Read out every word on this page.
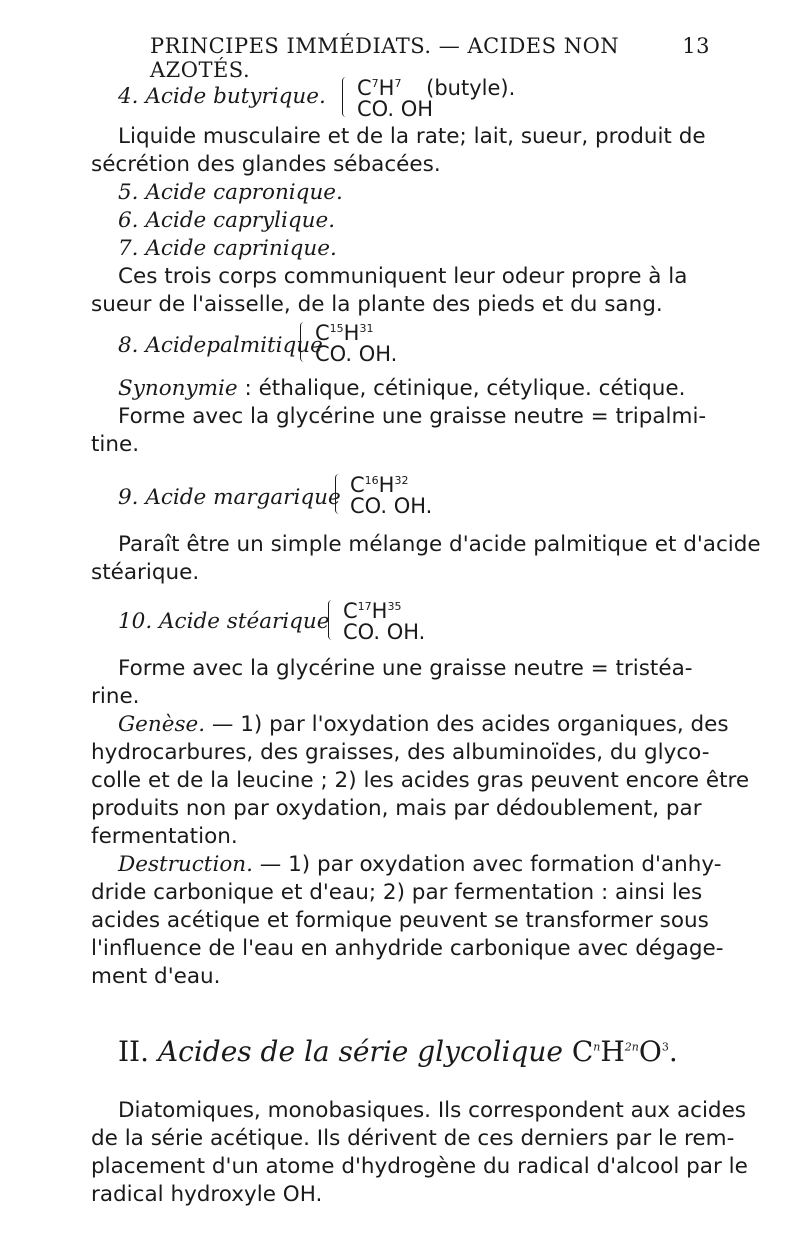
PRINCIPES IMMÉDIATS. — ACIDES NON AZOTÉS.
13
4. Acide butyrique. $C^7H^7$ (butyle).
CO. OH
Liquide musculaire et de la rate; lait, sueur, produit de
sécrétion des glandes sébacées.
5. Acide capronique.
6. Acide caprylique.
7. Acide caprinique.
Ces trois corps communiquent leur odeur propre à la
sueur de l'aisselle, de la plante des pieds et du sang.
8. Acidepalmitique
$C^{15}H^{31}$
CO. OH.
Synonymie : éthalique, cétinique, cétylique. cétique.
Forme avec la glycérine une graisse neutre = tripalmi-
tine.
9. Acide margarique $C^{16}H^{32}$
CO. OH.
Paraît être un simple mélange d'acide palmitique et d'acide
stéarique.
10. Acide stéarique $C^{17}H^{35}$
CO. OH.
Forme avec la glycérine une graisse neutre = tristéa-
rine.
Genèse. — 1) par l'oxydation des acides organiques, des
hydrocarbures, des graisses, des albuminoïdes, du glyco-
colle et de la leucine ; 2) les acides gras peuvent encore être
produits non par oxydation, mais par dédoublement, par
fermentation.
Destruction. — 1) par oxydation avec formation d'anhy-
dride carbonique et d'eau; 2) par fermentation : ainsi les
acides acétique et formique peuvent se transformer sous
l'influence de l'eau en anhydride carbonique avec dégage-
ment d'eau.
II. Acides de la série glycolique $C^nH^{2n}O^3$.
Diatomiques, monobasiques. Ils correspondent aux acides
de la série acétique. Ils dérivent de ces derniers par le rem-
placement d'un atome d'hydrogène du radical d'alcool par le
radical hydroxyle OH.
